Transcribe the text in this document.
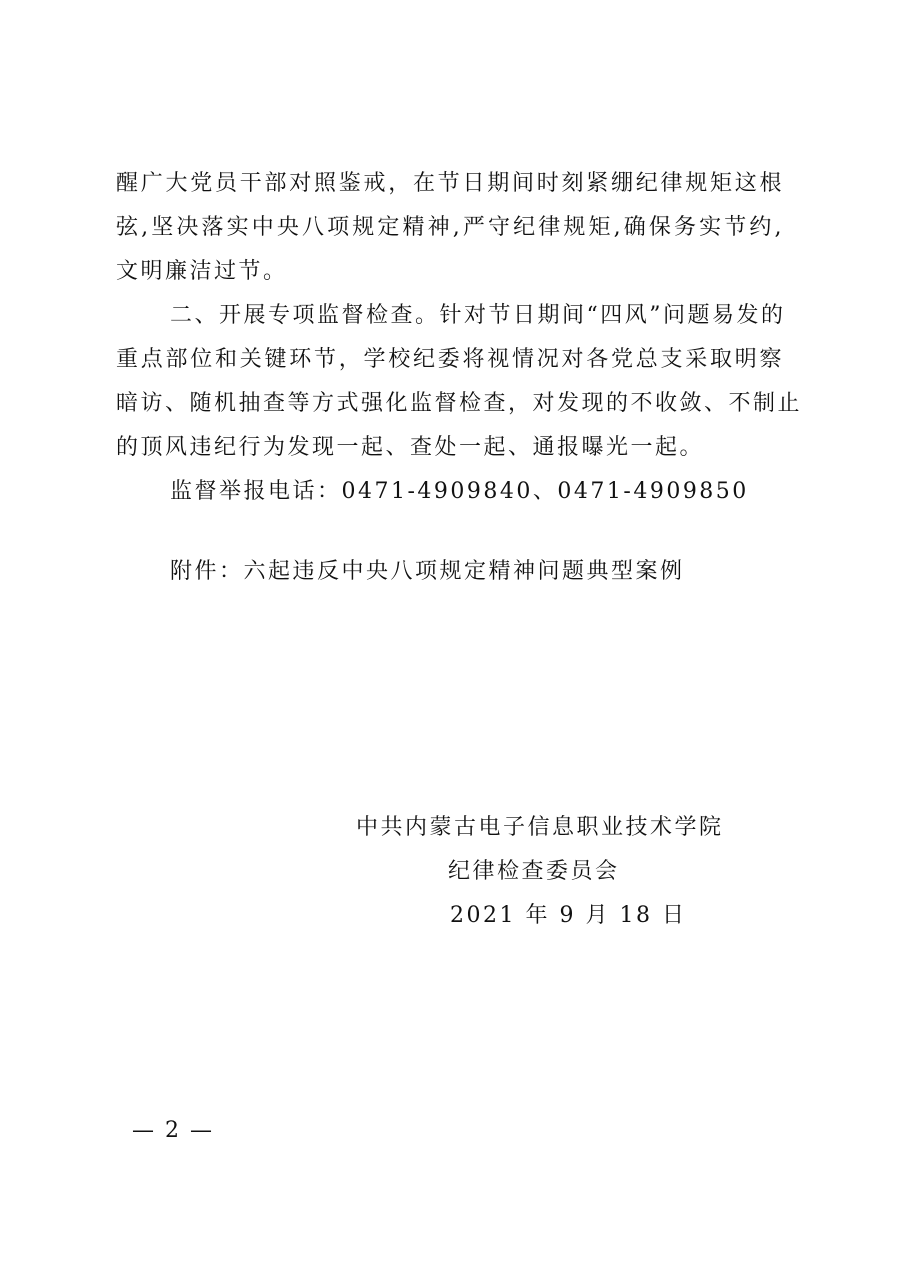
醒广大党员干部对照鉴戒，在节日期间时刻紧绷纪律规矩这根
弦,坚决落实中央八项规定精神,严守纪律规矩,确保务实节约,
文明廉洁过节。
二、开展专项监督检查。针对节日期间“四风”问题易发的
重点部位和关键环节，学校纪委将视情况对各党总支采取明察
暗访、随机抽查等方式强化监督检查，对发现的不收敛、不制止
的顶风违纪行为发现一起、查处一起、通报曝光一起。
监督举报电话：0471-4909840、0471-4909850
附件：六起违反中央八项规定精神问题典型案例
中共内蒙古电子信息职业技术学院
纪律检查委员会
2021 年 9 月 18 日
— 2 —
